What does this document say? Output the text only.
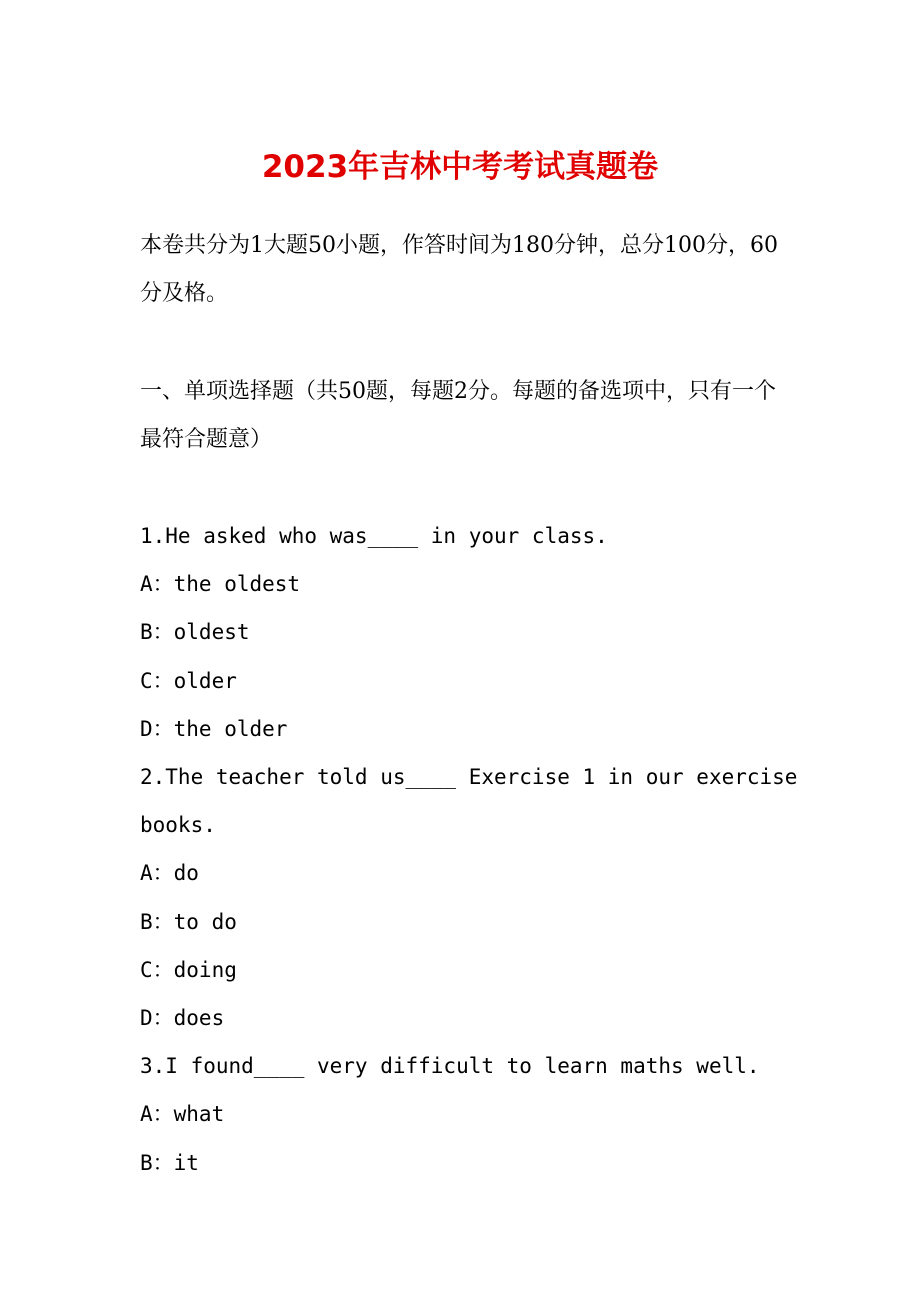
2023年吉林中考考试真题卷
本卷共分为1大题50小题，作答时间为180分钟，总分100分，60分及格。
一、单项选择题（共50题，每题2分。每题的备选项中，只有一个最符合题意）
1.He asked who was____ in your class.
A：the oldest
B：oldest
C：older
D：the older
2.The teacher told us____ Exercise 1 in our exercise
books.
A：do
B：to do
C：doing
D：does
3.I found____ very difficult to learn maths well.
A：what
B：it
